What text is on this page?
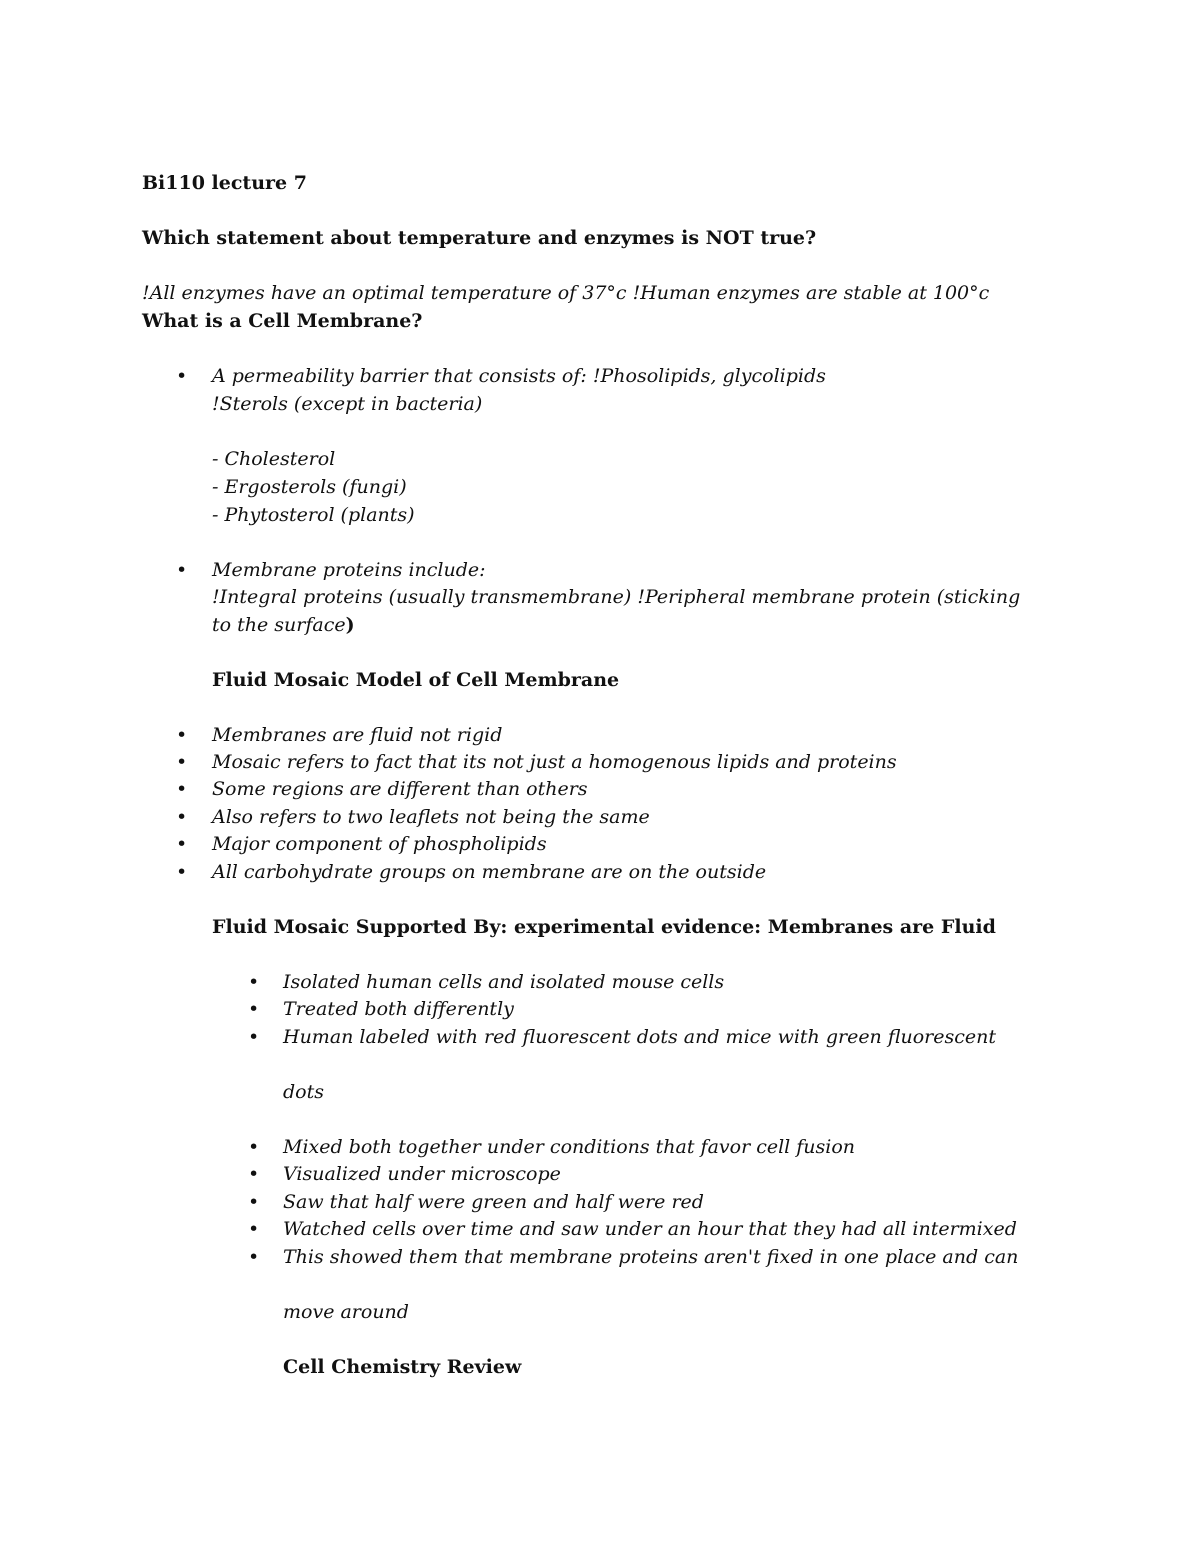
Bi110 lecture 7
Which statement about temperature and enzymes is NOT true?
!All enzymes have an optimal temperature of 37°c !Human enzymes are stable at 100°c
What is a Cell Membrane?
• A permeability barrier that consists of: !Phosolipids, glycolipids
!Sterols (except in bacteria)
- Cholesterol
- Ergosterols (fungi)
- Phytosterol (plants)
• Membrane proteins include:
!Integral proteins (usually transmembrane) !Peripheral membrane protein (sticking
to the surface)
Fluid Mosaic Model of Cell Membrane
• Membranes are fluid not rigid
• Mosaic refers to fact that its not just a homogenous lipids and proteins
• Some regions are different than others
• Also refers to two leaflets not being the same
• Major component of phospholipids
• All carbohydrate groups on membrane are on the outside
Fluid Mosaic Supported By: experimental evidence: Membranes are Fluid
• Isolated human cells and isolated mouse cells
• Treated both differently
• Human labeled with red fluorescent dots and mice with green fluorescent
dots
• Mixed both together under conditions that favor cell fusion
• Visualized under microscope
• Saw that half were green and half were red
• Watched cells over time and saw under an hour that they had all intermixed
• This showed them that membrane proteins aren't fixed in one place and can
move around
Cell Chemistry Review
